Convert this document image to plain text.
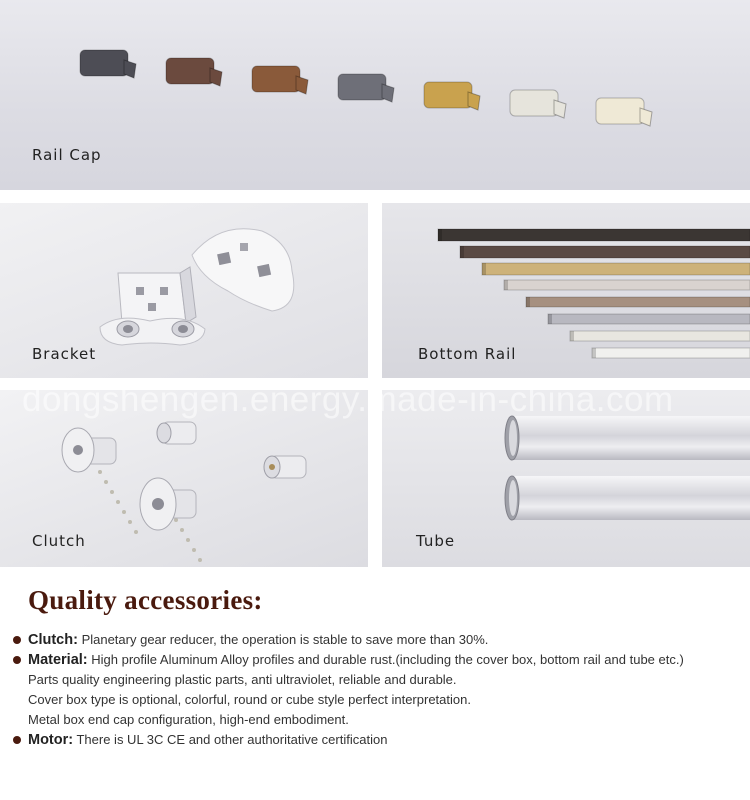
Rail Cap
Bracket	Bottom Rail
Clutch	Tube
dongshengen.energy.made-in-china.com
Quality accessories:
Clutch: Planetary gear reducer, the operation is stable to save more than 30%.
Material: High profile Aluminum Alloy profiles and durable rust.(including the cover box, bottom rail and tube etc.)
Parts quality engineering plastic parts, anti ultraviolet, reliable and durable.
Cover box type is optional, colorful, round or cube style perfect interpretation.
Metal box end cap configuration, high-end embodiment.
Motor: There is UL 3C CE and other authoritative certification
